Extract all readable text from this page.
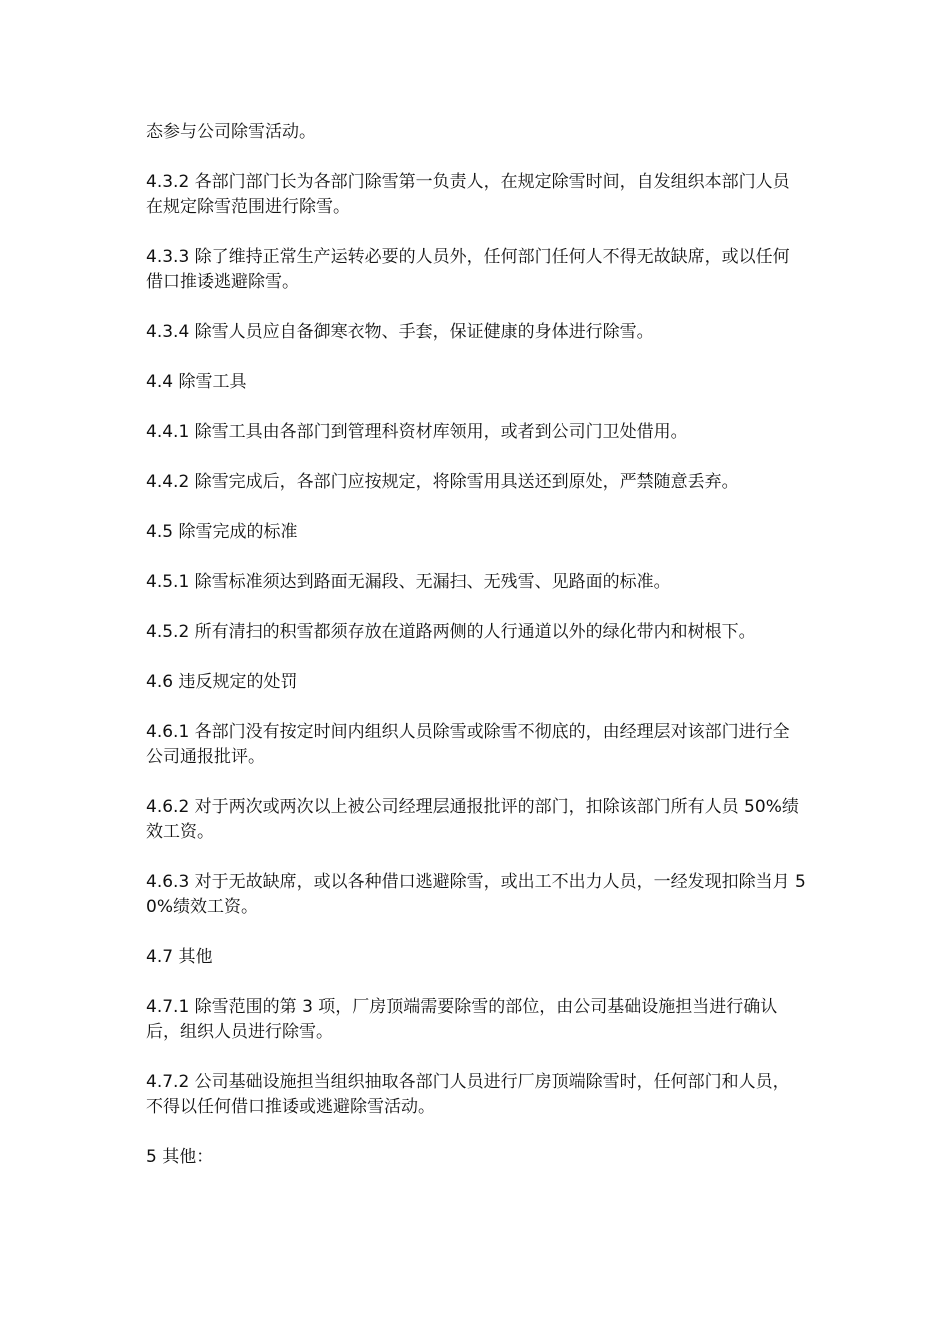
态参与公司除雪活动。

4.3.2 各部门部门长为各部门除雪第一负责人，在规定除雪时间，自发组织本部门人员在规定除雪范围进行除雪。

4.3.3 除了维持正常生产运转必要的人员外，任何部门任何人不得无故缺席，或以任何借口推诿逃避除雪。

4.3.4 除雪人员应自备御寒衣物、手套，保证健康的身体进行除雪。

4.4 除雪工具

4.4.1 除雪工具由各部门到管理科资材库领用，或者到公司门卫处借用。

4.4.2 除雪完成后，各部门应按规定，将除雪用具送还到原处，严禁随意丢弃。

4.5 除雪完成的标准

4.5.1 除雪标准须达到路面无漏段、无漏扫、无残雪、见路面的标准。

4.5.2 所有清扫的积雪都须存放在道路两侧的人行通道以外的绿化带内和树根下。

4.6 违反规定的处罚

4.6.1 各部门没有按定时间内组织人员除雪或除雪不彻底的，由经理层对该部门进行全公司通报批评。

4.6.2 对于两次或两次以上被公司经理层通报批评的部门，扣除该部门所有人员 50%绩效工资。

4.6.3 对于无故缺席，或以各种借口逃避除雪，或出工不出力人员，一经发现扣除当月 50%绩效工资。

4.7 其他

4.7.1 除雪范围的第 3 项，厂房顶端需要除雪的部位，由公司基础设施担当进行确认后，组织人员进行除雪。

4.7.2 公司基础设施担当组织抽取各部门人员进行厂房顶端除雪时，任何部门和人员，不得以任何借口推诿或逃避除雪活动。

5 其他：
